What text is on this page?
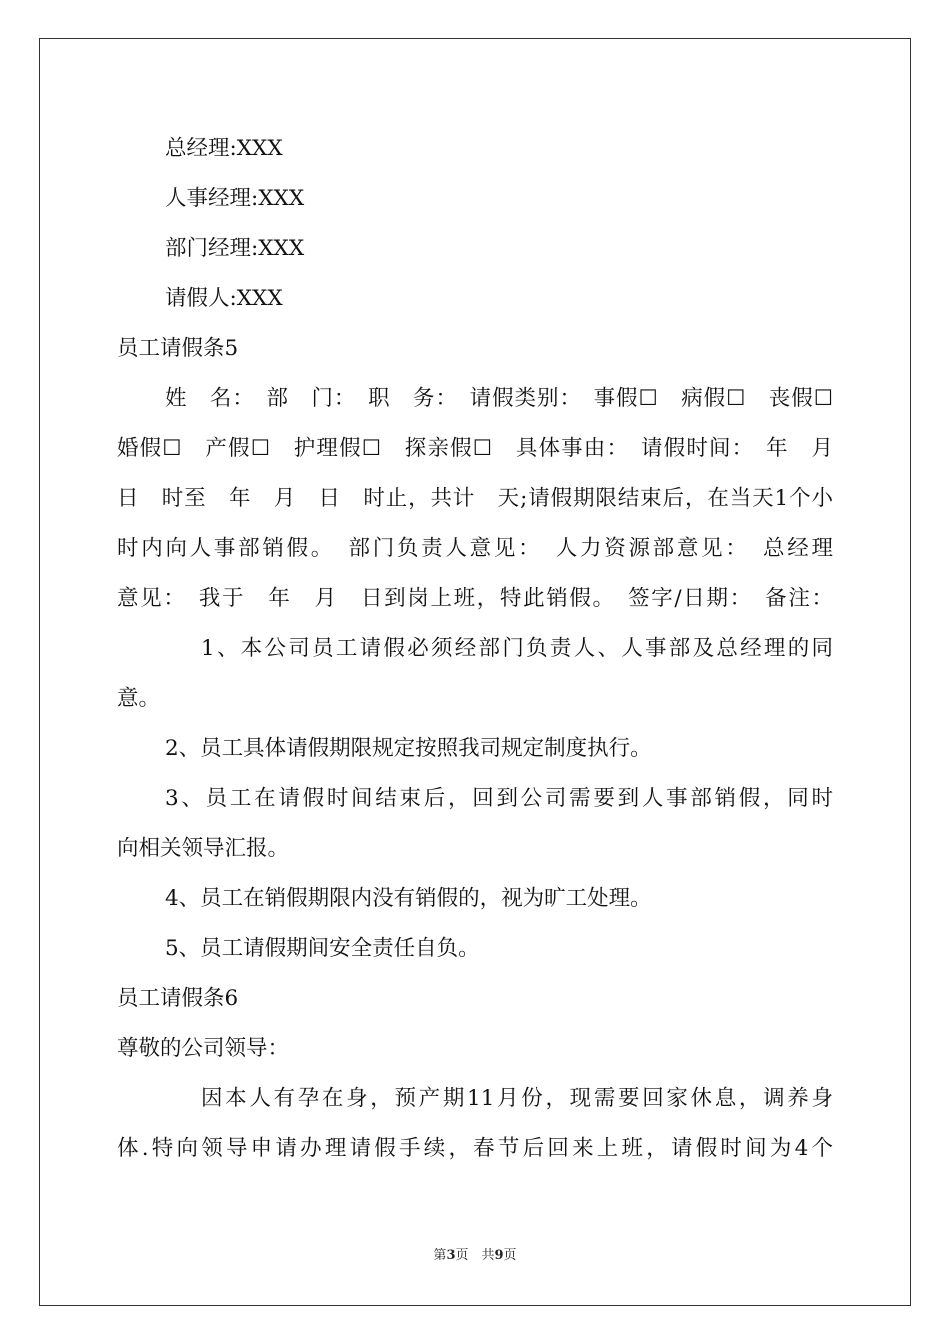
总经理:XXX
人事经理:XXX
部门经理:XXX
请假人:XXX
员工请假条5
姓　名：　部　门：　职　务：　请假类别：　事假☐　病假☐　丧假☐
婚假☐　产假☐　护理假☐　探亲假☐　具体事由：　请假时间：　年　月
日　时至　年　月　日　时止，共计　天;请假期限结束后，在当天1个小
时内向人事部销假。　部门负责人意见：　人力资源部意见：　总经理
意见：　我于　年　月　日到岗上班，特此销假。　签字/日期：　备注：
1、本公司员工请假必须经部门负责人、人事部及总经理的同
意。
2、员工具体请假期限规定按照我司规定制度执行。
3、员工在请假时间结束后，回到公司需要到人事部销假，同时
向相关领导汇报。
4、员工在销假期限内没有销假的，视为旷工处理。
5、员工请假期间安全责任自负。
员工请假条6
尊敬的公司领导：
因本人有孕在身，预产期11月份，现需要回家休息，调养身
体.特向领导申请办理请假手续，春节后回来上班，请假时间为4个
第3页　共9页
